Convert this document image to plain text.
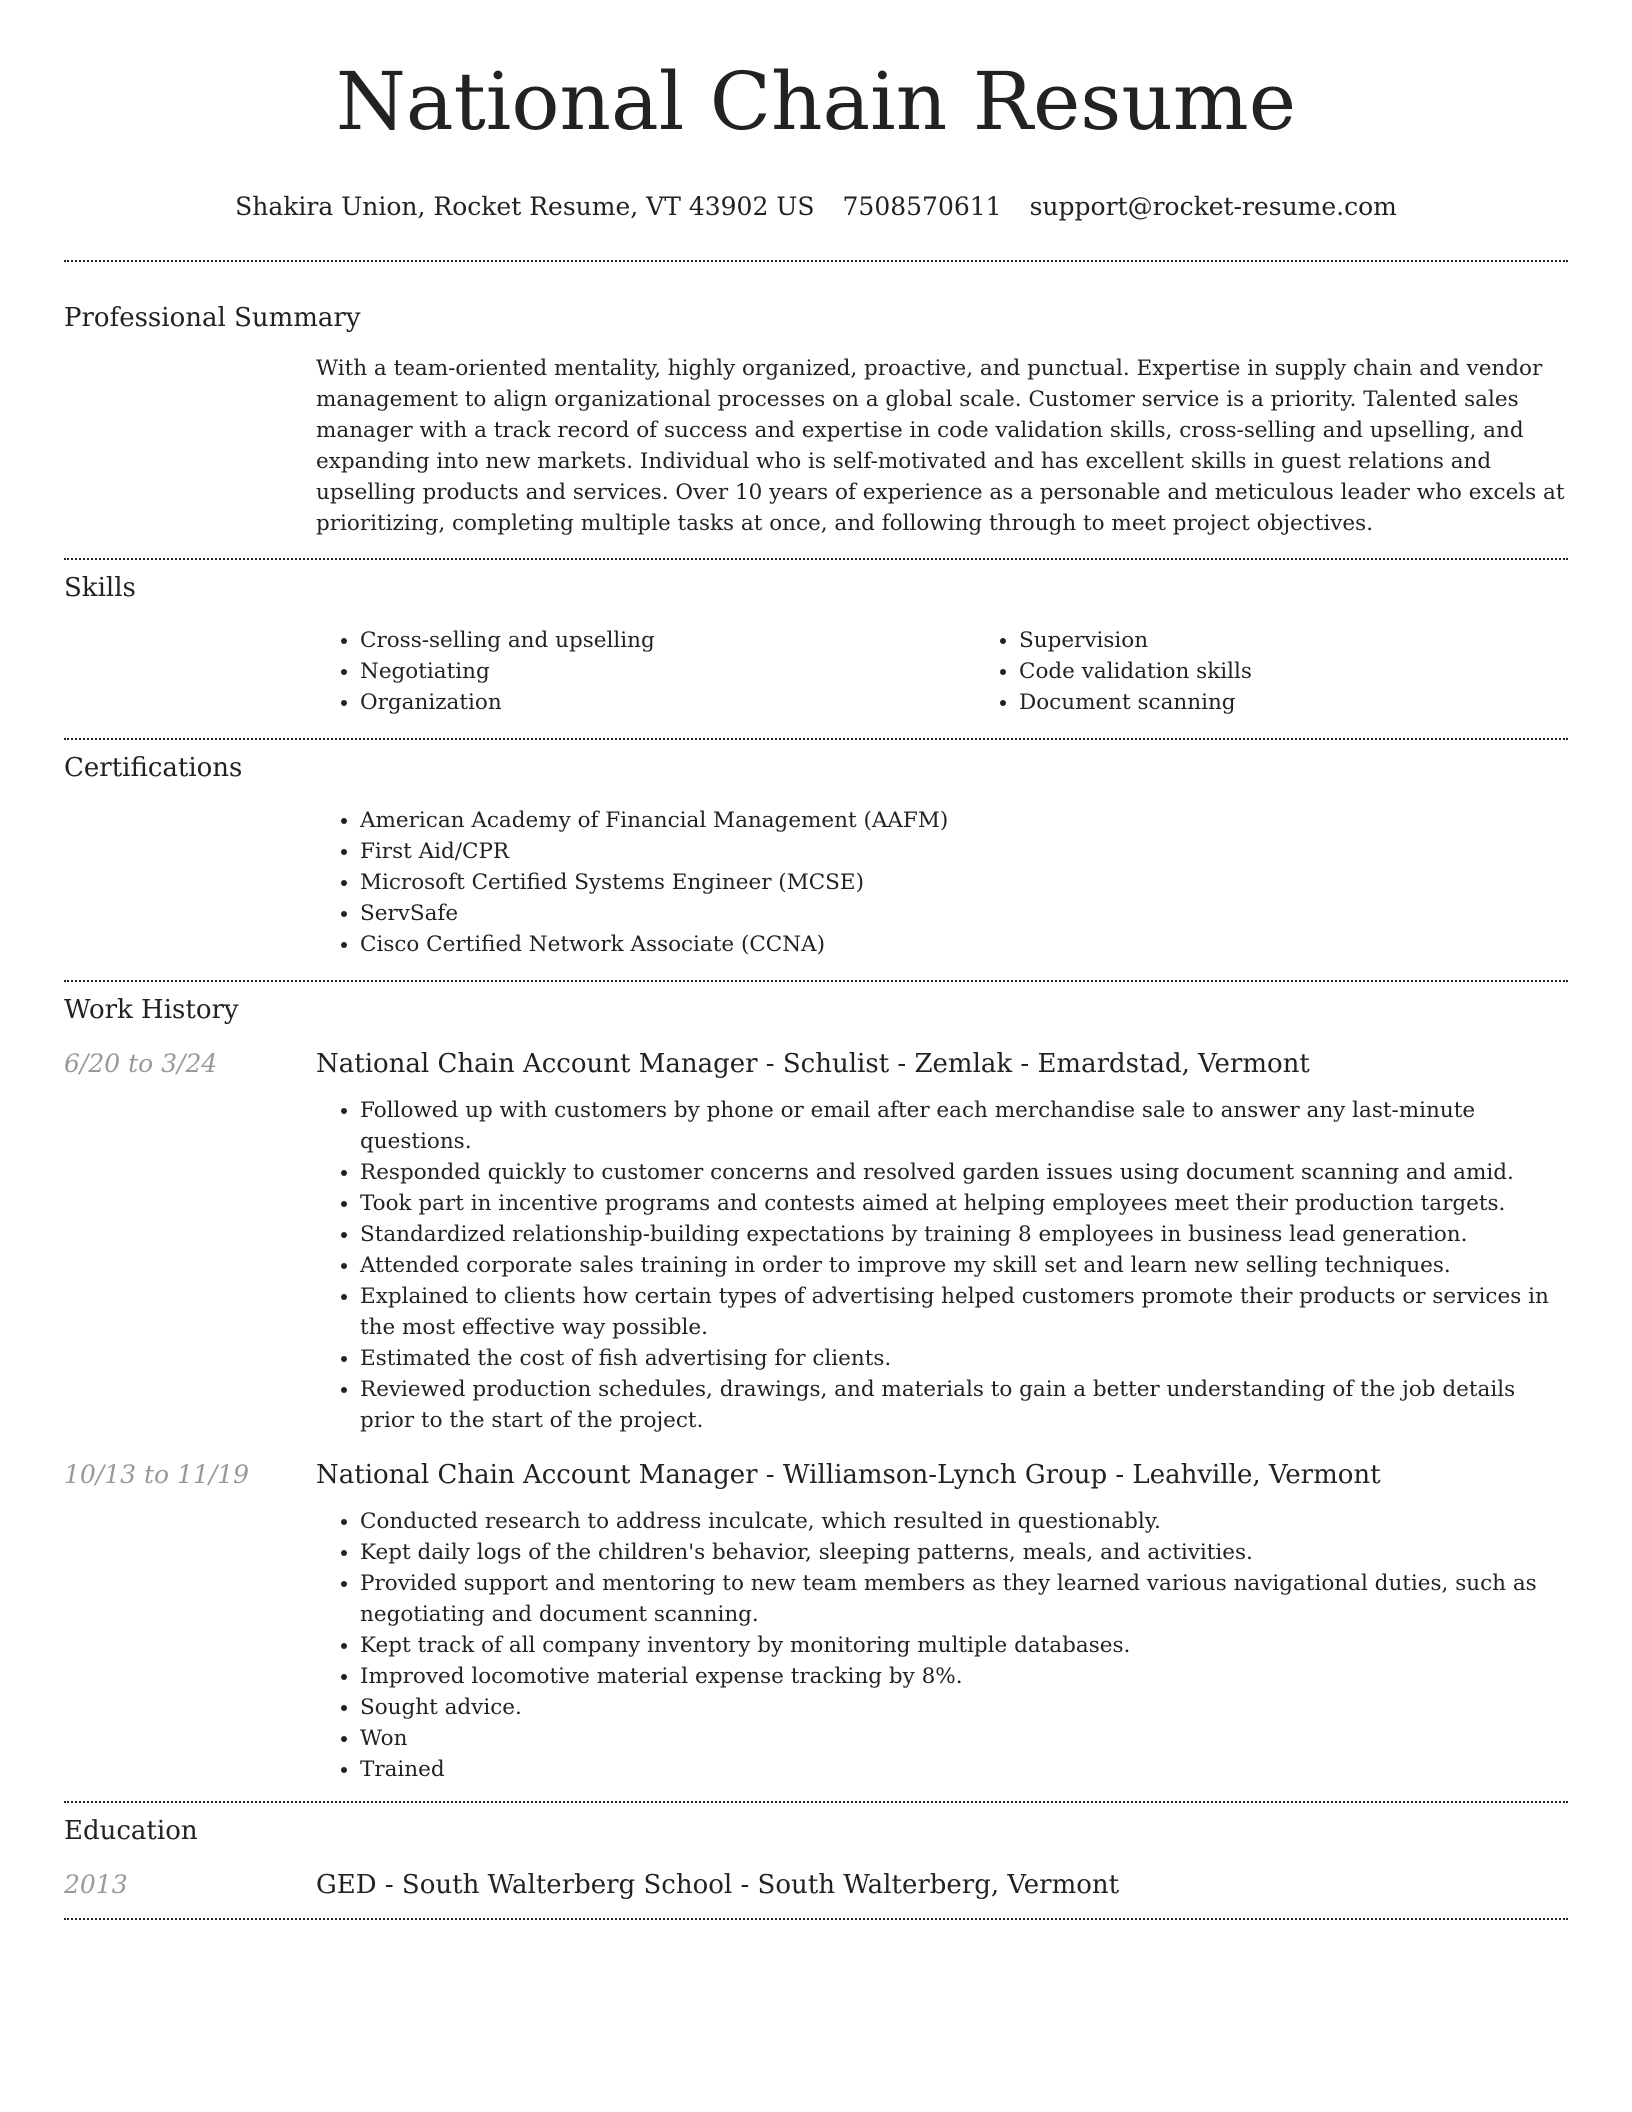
National Chain Resume
Shakira Union, Rocket Resume, VT 43902 US 7508570611 support@rocket-resume.com
Professional Summary

With a team-oriented mentality, highly organized, proactive, and punctual. Expertise in supply chain and vendor management to align organizational processes on a global scale. Customer service is a priority. Talented sales manager with a track record of success and expertise in code validation skills, cross-selling and upselling, and expanding into new markets. Individual who is self-motivated and has excellent skills in guest relations and upselling products and services. Over 10 years of experience as a personable and meticulous leader who excels at prioritizing, completing multiple tasks at once, and following through to meet project objectives.

Skills
• Cross-selling and upselling
• Negotiating
• Organization
• Supervision
• Code validation skills
• Document scanning
Certifications
• American Academy of Financial Management (AAFM)
• First Aid/CPR
• Microsoft Certified Systems Engineer (MCSE)
• ServSafe
• Cisco Certified Network Associate (CCNA)
Work History
6/20 to 3/24	National Chain Account Manager - Schulist - Zemlak - Emardstad, Vermont
• Followed up with customers by phone or email after each merchandise sale to answer any last-minute questions.
• Responded quickly to customer concerns and resolved garden issues using document scanning and amid.
• Took part in incentive programs and contests aimed at helping employees meet their production targets.
• Standardized relationship-building expectations by training 8 employees in business lead generation.
• Attended corporate sales training in order to improve my skill set and learn new selling techniques.
• Explained to clients how certain types of advertising helped customers promote their products or services in the most effective way possible.
• Estimated the cost of fish advertising for clients.
• Reviewed production schedules, drawings, and materials to gain a better understanding of the job details prior to the start of the project.
10/13 to 11/19	National Chain Account Manager - Williamson-Lynch Group - Leahville, Vermont
• Conducted research to address inculcate, which resulted in questionably.
• Kept daily logs of the children's behavior, sleeping patterns, meals, and activities.
• Provided support and mentoring to new team members as they learned various navigational duties, such as negotiating and document scanning.
• Kept track of all company inventory by monitoring multiple databases.
• Improved locomotive material expense tracking by 8%.
• Sought advice.
• Won
• Trained
Education
2013	GED - South Walterberg School - South Walterberg, Vermont
